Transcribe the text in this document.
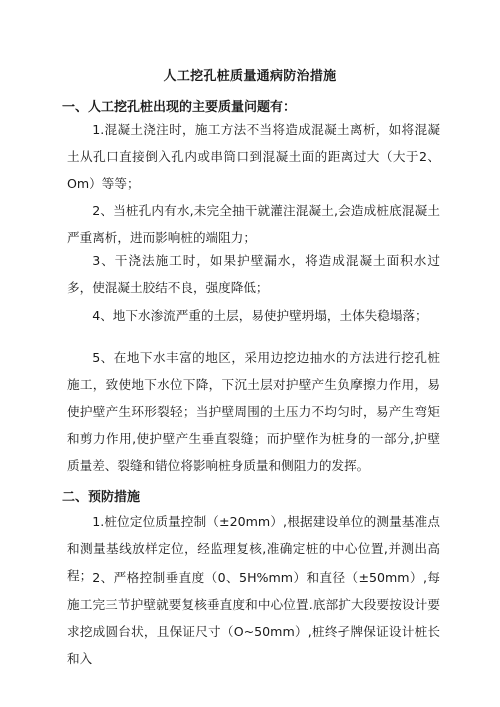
人工挖孔桩质量通病防治措施
一、人工挖孔桩出现的主要质量问题有：

1.混凝土浇注时，施工方法不当将造成混凝土离析，如将混凝土从孔口直接倒入孔内或串筒口到混凝土面的距离过大（大于2、Om）等等；

2、当桩孔内有水,未完全抽干就灌注混凝土,会造成桩底混凝土严重离析，进而影响桩的端阻力；

3、干浇法施工时，如果护壁漏水，将造成混凝土面积水过多，使混凝土胶结不良，强度降低；

4、地下水渗流严重的土层，易使护壁坍塌，土体失稳塌落；

5、在地下水丰富的地区，采用边挖边抽水的方法进行挖孔桩施工，致使地下水位下降，下沉土层对护壁产生负摩擦力作用，易使护壁产生环形裂轻；当护壁周围的土压力不均匀时，易产生弯矩和剪力作用,使护壁产生垂直裂缝；而护壁作为桩身的一部分,护壁质量差、裂缝和错位将影响桩身质量和侧阻力的发挥。

二、预防措施

1.桩位定位质量控制（±20mm）,根据建设单位的测量基准点和测量基线放样定位，经监理复核,准确定桩的中心位置,并测出高程； 2、严格控制垂直度（0、5H%mm）和直径（±50mm）,每施工完三节护壁就要复核垂直度和中心位置.底部扩大段要按设计要求挖成圆台状，且保证尺寸（O~50mm）,桩终孑牌保证设计桩长和入
